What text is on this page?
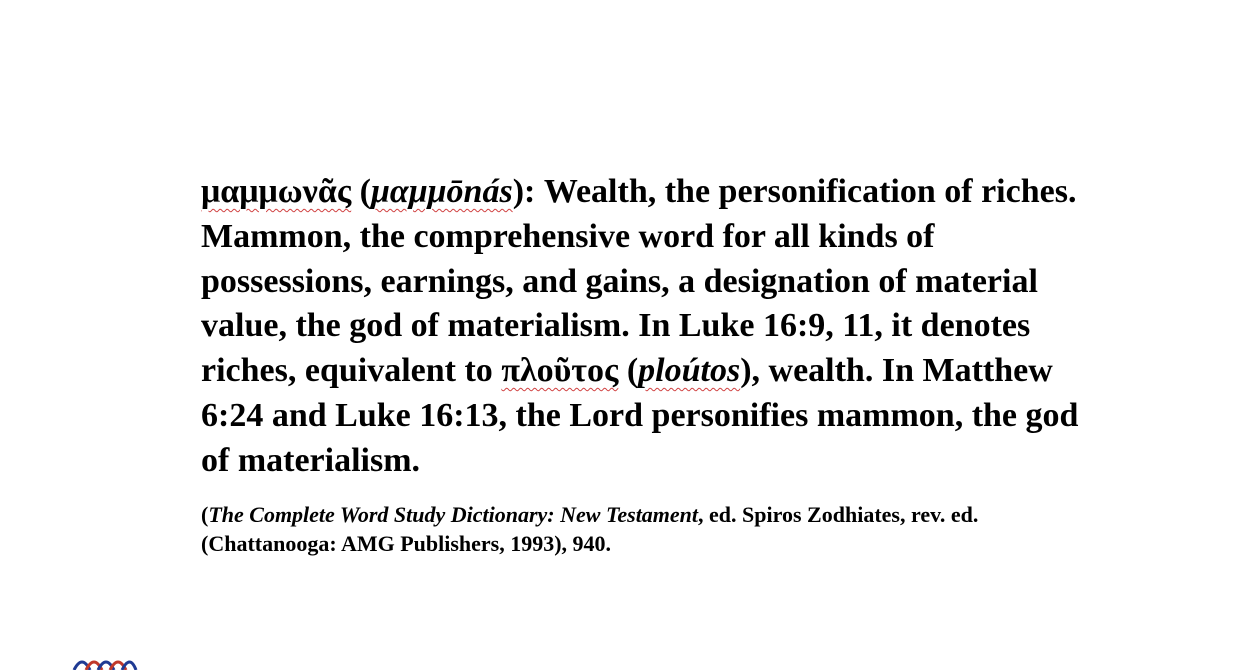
μαμμωνᾶς (μαμμōnás): Wealth, the personification of riches. Mammon, the comprehensive word for all kinds of possessions, earnings, and gains, a designation of material value, the god of materialism. In Luke 16:9, 11, it denotes riches, equivalent to πλοῦτος (ploútos), wealth. In Matthew 6:24 and Luke 16:13, the Lord personifies mammon, the god of materialism.

(The Complete Word Study Dictionary: New Testament, ed. Spiros Zodhiates, rev. ed. (Chattanooga: AMG Publishers, 1993), 940.
